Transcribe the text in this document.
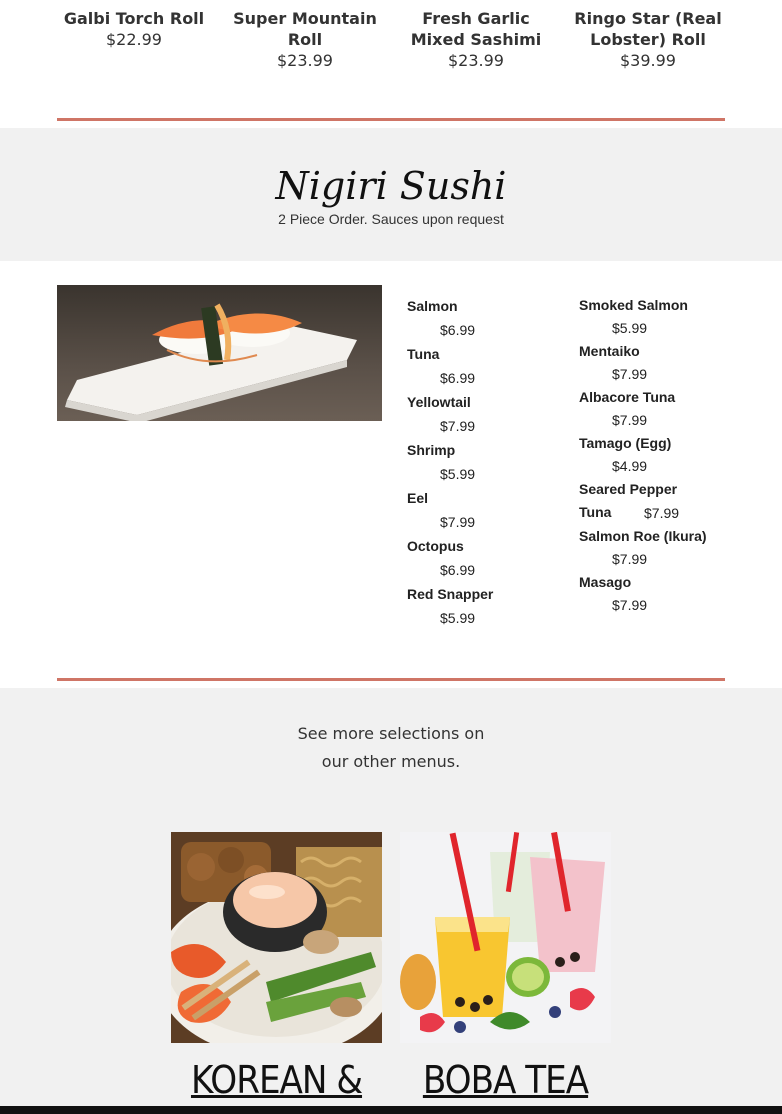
Galbi Torch Roll
$22.99
Super Mountain Roll
$23.99
Fresh Garlic Mixed Sashimi
$23.99
Ringo Star (Real Lobster) Roll
$39.99
Nigiri Sushi
2 Piece Order. Sauces upon request
Salmon
$6.99
Tuna
$6.99
Yellowtail
$7.99
Shrimp
$5.99
Eel
$7.99
Octopus
$6.99
Red Snapper
$5.99
Smoked Salmon
$5.99
Mentaiko
$7.99
Albacore Tuna
$7.99
Tamago (Egg)
$4.99
Seared Pepper Tuna	$7.99
Salmon Roe (Ikura)
$7.99
Masago
$7.99
See more selections on
our other menus.
KOREAN &	BOBA TEA
